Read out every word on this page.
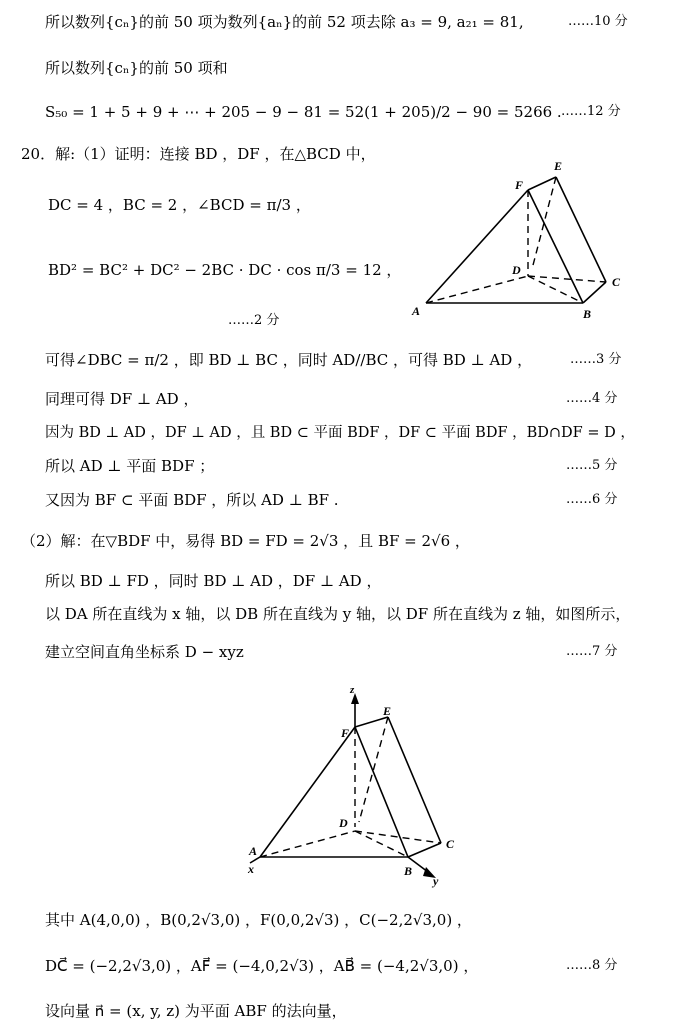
所以数列{cₙ}的前 50 项为数列{aₙ}的前 52 项去除 a₃ = 9, a₂₁ = 81,	……10 分
所以数列{cₙ}的前 50 项和
S₅₀ = 1 + 5 + 9 + ⋯ + 205 − 9 − 81 = 52(1 + 205)/2 − 90 = 5266 . ……12 分
20．解:（1）证明：连接 BD ，DF ，在△BCD 中，
DC = 4 ，BC = 2 ，∠BCD = π/3 ，
BD² = BC² + DC² − 2BC · DC · cos π/3 = 12 ，
……2 分
可得∠DBC = π/2 ，即 BD ⊥ BC ，同时 AD//BC ，可得 BD ⊥ AD ，	……3 分
同理可得 DF ⊥ AD ，	……4 分
因为 BD ⊥ AD ，DF ⊥ AD ，且 BD ⊂ 平面 BDF ，DF ⊂ 平面 BDF ，BD∩DF = D ，
所以 AD ⊥ 平面 BDF ；	……5 分
又因为 BF ⊂ 平面 BDF ，所以 AD ⊥ BF .	……6 分
（2）解：在▽BDF 中，易得 BD = FD = 2√3 ，且 BF = 2√6 ，
所以 BD ⊥ FD ，同时 BD ⊥ AD ，DF ⊥ AD ，
以 DA 所在直线为 x 轴，以 DB 所在直线为 y 轴，以 DF 所在直线为 z 轴，如图所示，
建立空间直角坐标系 D − xyz	……7 分
其中 A(4,0,0) ，B(0,2√3,0) ，F(0,0,2√3) ，C(−2,2√3,0) ，
DC⃗ = (−2,2√3,0) ，AF⃗ = (−4,0,2√3) ，AB⃗ = (−4,2√3,0) ，	……8 分
设向量 n⃗ = (x, y, z) 为平面 ABF 的法向量，
E
F
D
C
A	B
z
E
F
D
C
A
x	B
y
